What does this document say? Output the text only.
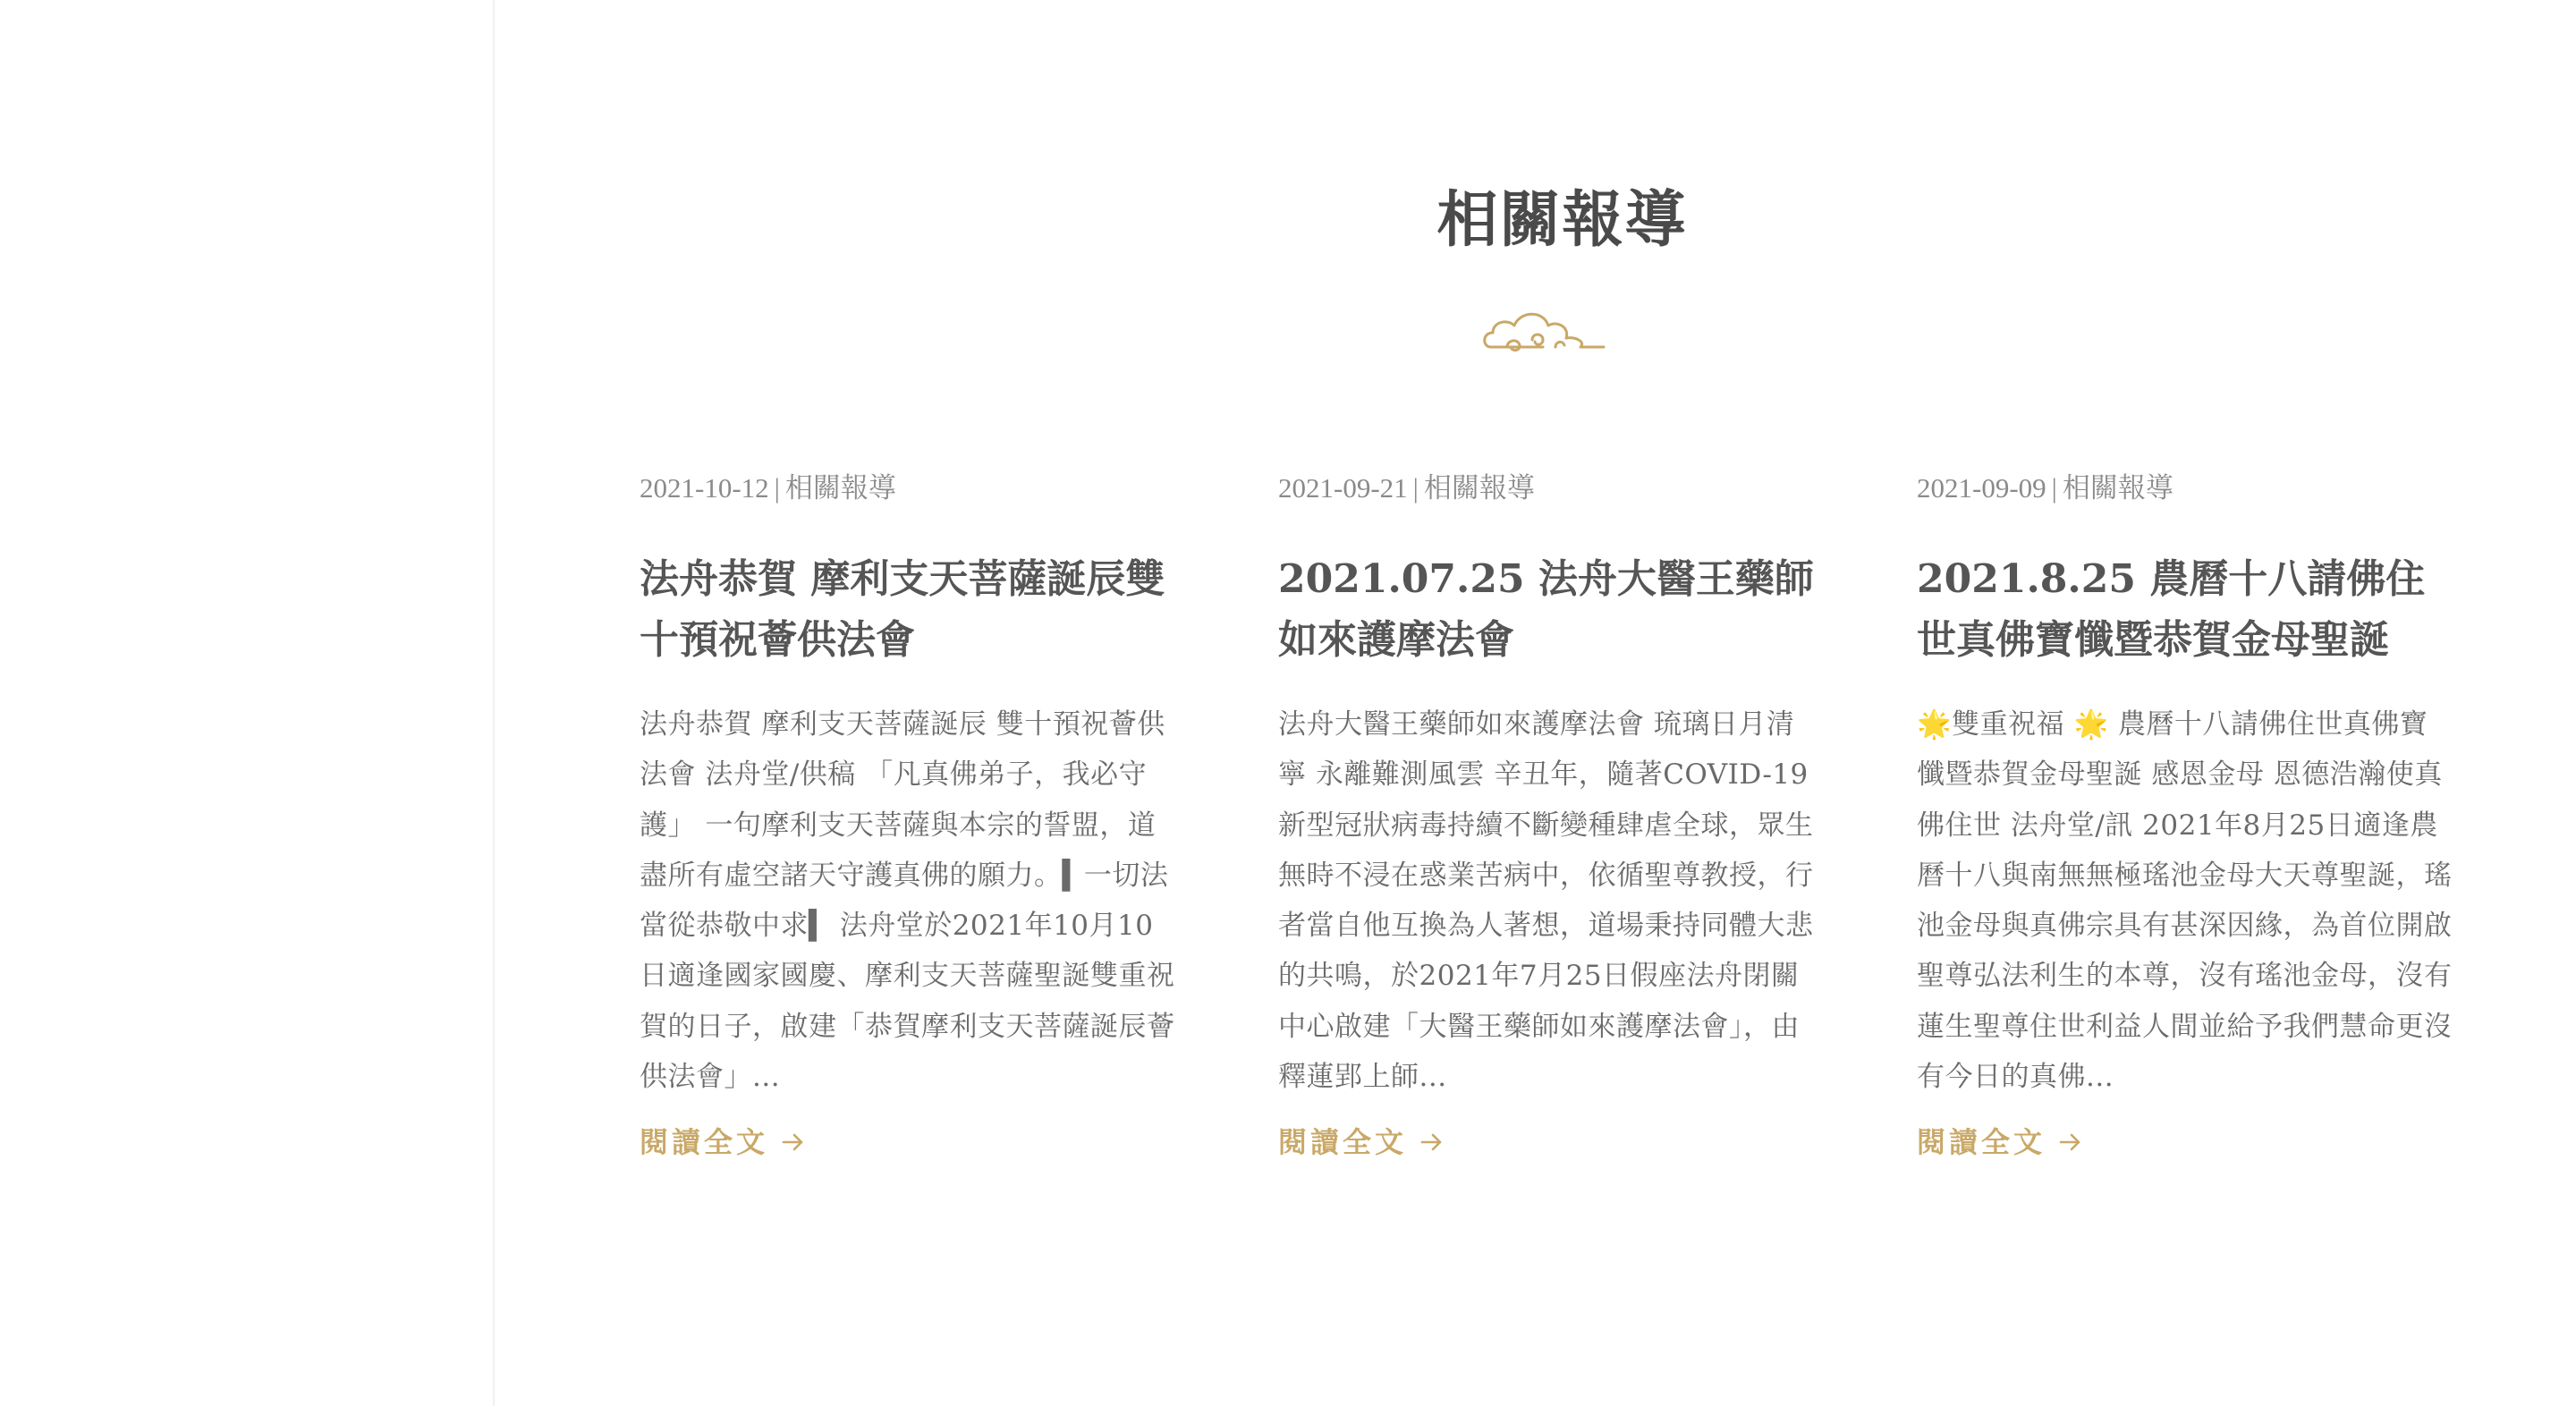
相關報導
2021-10-12 | 相關報導
法舟恭賀 摩利支天菩薩誕辰雙十預祝薈供法會
法舟恭賀 摩利支天菩薩誕辰 雙十預祝薈供法會 法舟堂/供稿 「凡真佛弟子，我必守護」 一句摩利支天菩薩與本宗的誓盟，道盡所有虛空諸天守護真佛的願力。▍一切法當從恭敬中求▍ 法舟堂於2021年10月10日適逢國家國慶、摩利支天菩薩聖誕雙重祝賀的日子，啟建「恭賀摩利支天菩薩誕辰薈供法會」...
閱讀全文
2021-09-21 | 相關報導
2021.07.25 法舟大醫王藥師如來護摩法會
法舟大醫王藥師如來護摩法會 琉璃日月清寧 永離難測風雲 辛丑年，隨著COVID-19新型冠狀病毒持續不斷變種肆虐全球，眾生無時不浸在惑業苦病中，依循聖尊教授，行者當自他互換為人著想，道場秉持同體大悲的共鳴，於2021年7月25日假座法舟閉關中心啟建「大醫王藥師如來護摩法會」，由釋蓮郢上師...
閱讀全文
2021-09-09 | 相關報導
2021.8.25 農曆十八請佛住世真佛寶懺暨恭賀金母聖誕
🌟雙重祝福 🌟 農曆十八請佛住世真佛寶懺暨恭賀金母聖誕 感恩金母 恩德浩瀚使真佛住世 法舟堂/訊 2021年8月25日適逢農曆十八與南無無極瑤池金母大天尊聖誕，瑤池金母與真佛宗具有甚深因緣，為首位開啟聖尊弘法利生的本尊，沒有瑤池金母，沒有蓮生聖尊住世利益人間並給予我們慧命更沒有今日的真佛...
閱讀全文
